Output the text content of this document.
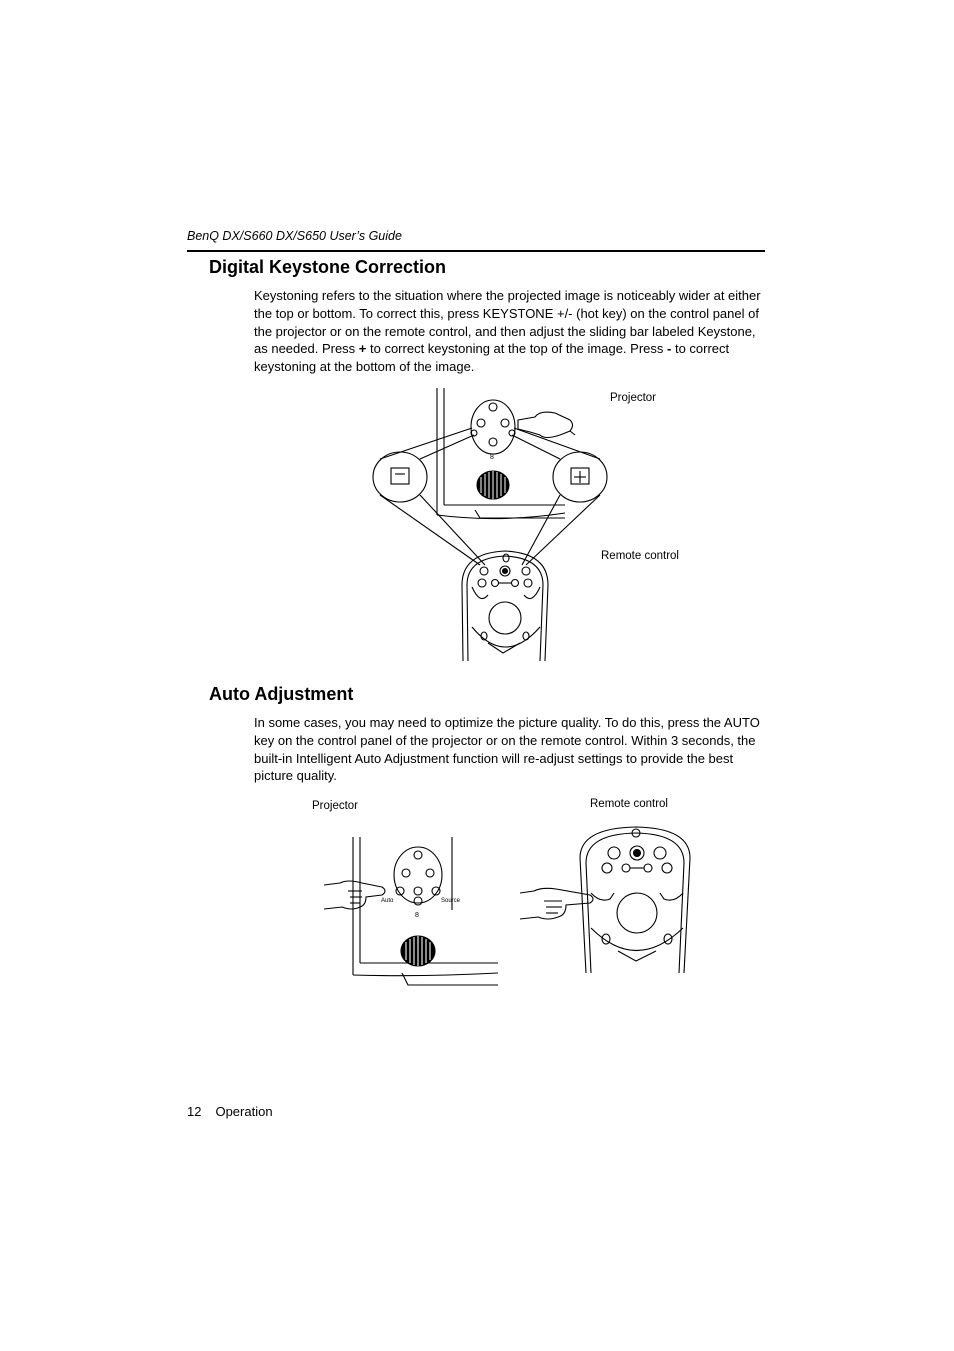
BenQ DX/S660 DX/S650 User’s Guide
Digital Keystone Correction

Keystoning refers to the situation where the projected image is noticeably wider at either the top or bottom. To correct this, press KEYSTONE +/- (hot key) on the control panel of the projector or on the remote control, and then adjust the sliding bar labeled Keystone, as needed. Press + to correct keystoning at the top of the image. Press - to correct keystoning at the bottom of the image.

8
Projector
Remote control
Auto Adjustment

In some cases, you may need to optimize the picture quality. To do this, press the AUTO key on the control panel of the projector or on the remote control. Within 3 seconds, the built-in Intelligent Auto Adjustment function will re-adjust settings to provide the best picture quality.

Projector	Remote control
Auto	Source
8
12 Operation
